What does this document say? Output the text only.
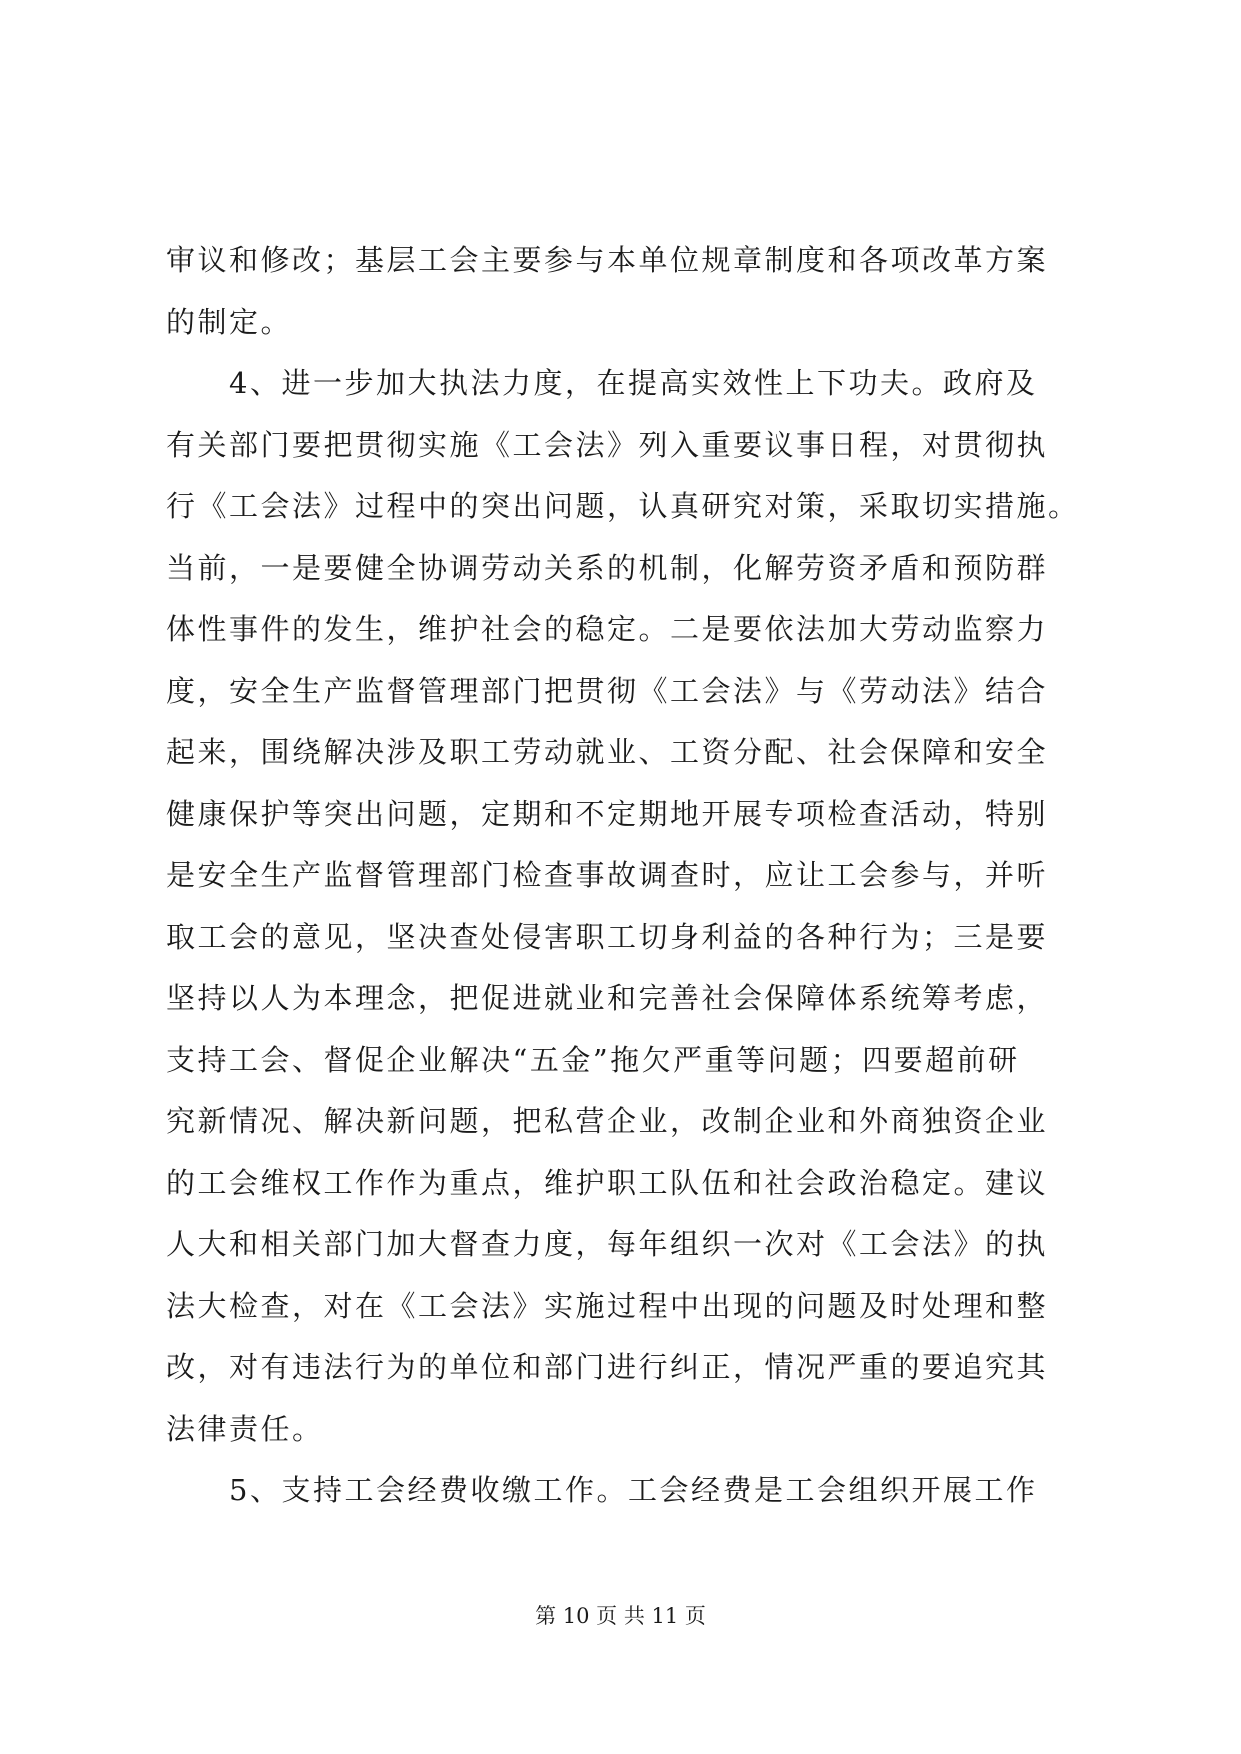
审议和修改；基层工会主要参与本单位规章制度和各项改革方案
的制定。
　　4、进一步加大执法力度，在提高实效性上下功夫。政府及
有关部门要把贯彻实施《工会法》列入重要议事日程，对贯彻执
行《工会法》过程中的突出问题，认真研究对策，采取切实措施。
当前，一是要健全协调劳动关系的机制，化解劳资矛盾和预防群
体性事件的发生，维护社会的稳定。二是要依法加大劳动监察力
度，安全生产监督管理部门把贯彻《工会法》与《劳动法》结合
起来，围绕解决涉及职工劳动就业、工资分配、社会保障和安全
健康保护等突出问题，定期和不定期地开展专项检查活动，特别
是安全生产监督管理部门检查事故调查时，应让工会参与，并听
取工会的意见，坚决查处侵害职工切身利益的各种行为；三是要
坚持以人为本理念，把促进就业和完善社会保障体系统筹考虑，
支持工会、督促企业解决“五金”拖欠严重等问题；四要超前研
究新情况、解决新问题，把私营企业，改制企业和外商独资企业
的工会维权工作作为重点，维护职工队伍和社会政治稳定。建议
人大和相关部门加大督查力度，每年组织一次对《工会法》的执
法大检查，对在《工会法》实施过程中出现的问题及时处理和整
改，对有违法行为的单位和部门进行纠正，情况严重的要追究其
法律责任。
　　5、支持工会经费收缴工作。工会经费是工会组织开展工作
第 10 页 共 11 页
